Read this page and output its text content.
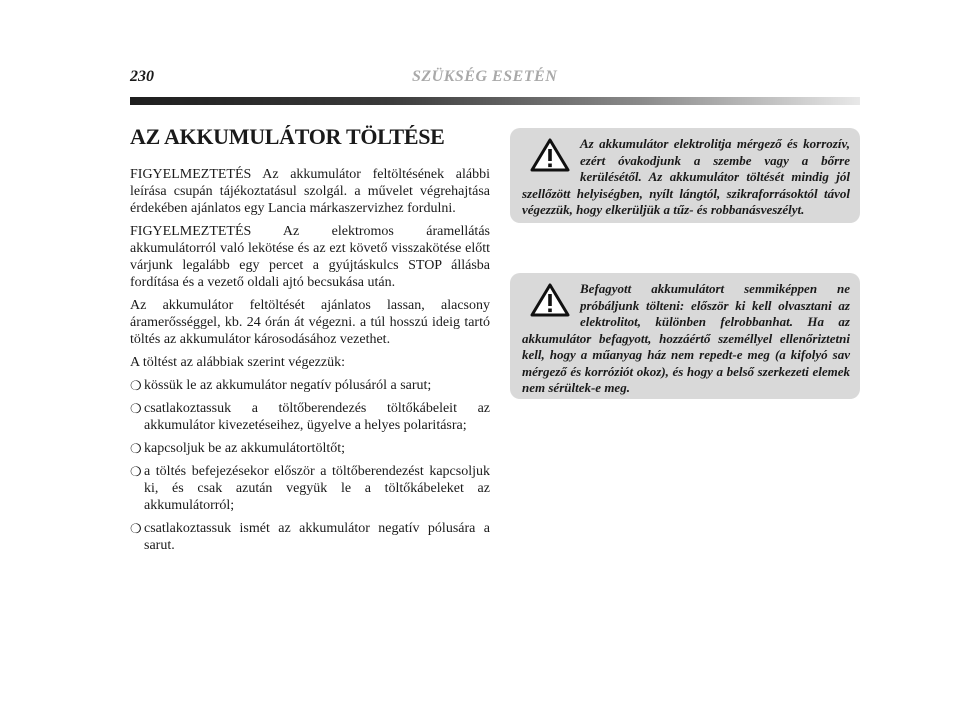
230	SZÜKSÉG ESETÉN
AZ AKKUMULÁTOR TÖLTÉSE

FIGYELMEZTETÉS Az akkumulátor feltöltésének alábbi leírása csupán tájékoztatásul szolgál. a művelet végrehajtása érdekében ajánlatos egy Lancia márkaszervizhez fordulni.

FIGYELMEZTETÉS Az elektromos áramellátás akkumulátorról való lekötése és az ezt követő visszakötése előtt várjunk legalább egy percet a gyújtáskulcs STOP állásba fordítása és a vezető oldali ajtó becsukása után.

Az akkumulátor feltöltését ajánlatos lassan, alacsony áramerősséggel, kb. 24 órán át végezni. a túl hosszú ideig tartó töltés az akkumulátor károsodásához vezethet.

A töltést az alábbiak szerint végezzük:

❍ kössük le az akkumulátor negatív pólusáról a sarut;
❍ csatlakoztassuk a töltőberendezés töltőkábeleit az akkumulátor kivezetéseihez, ügyelve a helyes polaritásra;
❍ kapcsoljuk be az akkumulátortöltőt;
❍ a töltés befejezésekor először a töltőberendezést kapcsoljuk ki, és csak azután vegyük le a töltőkábeleket az akkumulátorról;
❍ csatlakoztassuk ismét az akkumulátor negatív pólusára a sarut.

Az akkumulátor elektrolitja mérgező és korrozív, ezért óvakodjunk a szembe vagy a bőrre kerülésétől. Az akkumulátor töltését mindig jól szellőzött helyiségben, nyílt lángtól, szikraforrásoktól távol végezzük, hogy elkerüljük a tűz- és robbanásveszélyt.

Befagyott akkumulátort semmiképpen ne próbáljunk tölteni: először ki kell olvasztani az elektrolitot, különben felrobbanhat. Ha az akkumulátor befagyott, hozzáértő személlyel ellenőriztetni kell, hogy a műanyag ház nem repedt-e meg (a kifolyó sav mérgező és korróziót okoz), és hogy a belső szerkezeti elemek nem sérültek-e meg.
